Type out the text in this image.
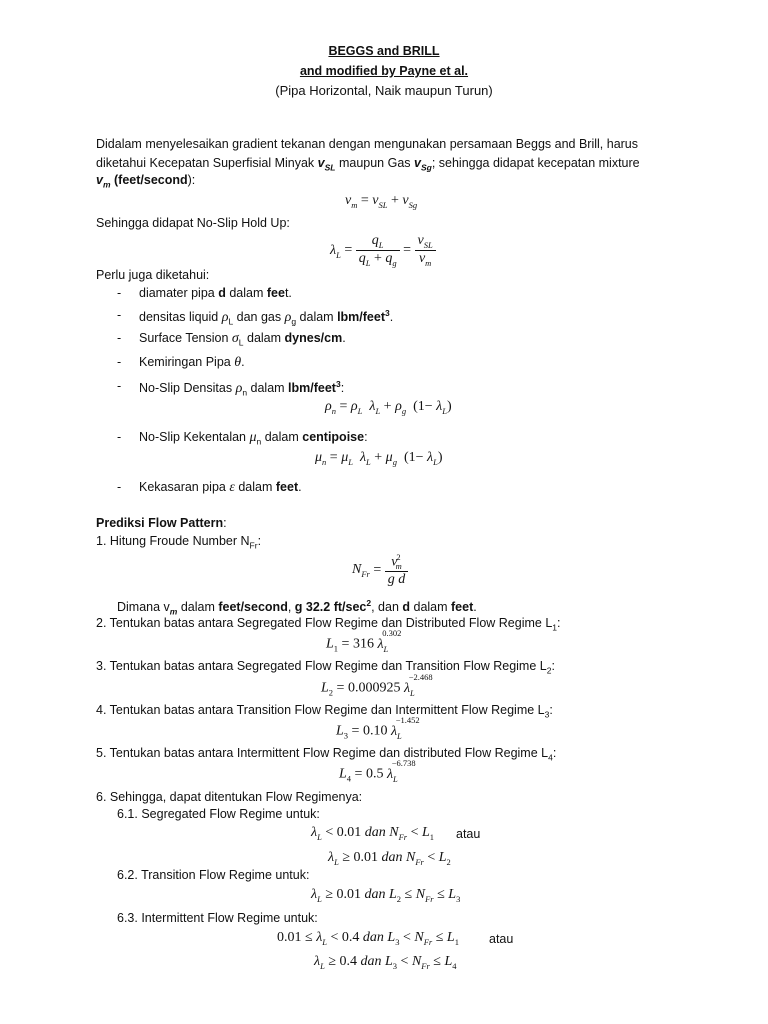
BEGGS and BRILL
and modified by Payne et al.
(Pipa Horizontal, Naik maupun Turun)
Didalam menyelesaikan gradient tekanan dengan mengunakan persamaan Beggs and Brill, harus
diketahui Kecepatan Superfisial Minyak $v_{SL}$ maupun Gas $v_{Sg}$; sehingga didapat kecepatan mixture
$v_m$ (feet/second):
$v_m = v_{SL} + v_{Sg}$
Sehingga didapat No-Slip Hold Up:
$\lambda_L = \frac{q_L}{q_L + q_g} = \frac{v_{SL}}{v_m}$
Perlu juga diketahui:
- diamater pipa d dalam feet.
- densitas liquid $\rho_L$ dan gas $\rho_g$ dalam lbm/feet$^3$.
- Surface Tension $\sigma_L$ dalam dynes/cm.
- Kemiringan Pipa θ.
- No-Slip Densitas $\rho_n$ dalam lbm/feet$^3$:
$\rho_n = \rho_L$ $\lambda_L + \rho_g$  $(1- \lambda_L)$
- No-Slip Kekentalan $\mu_n$ dalam centipoise:
$\mu_n = \mu_L$ $\lambda_L + \mu_g$  $(1- \lambda_L)$
- Kekasaran pipa ε dalam feet.
Prediksi Flow Pattern:
1. Hitung Froude Number $N_{Fr}$:
$N_{Fr} = \frac{v^2_m}{\text{g d}}$
Dimana $v_m$ dalam feet/second, g 32.2 $ft/\sec^2$, dan d dalam feet.
2. Tentukan batas antara Segregated Flow Regime dan Distributed Flow Regime $L_1$:
$L_1 = 316$ $\lambda_L^{0.302}$
3. Tentukan batas antara Segregated Flow Regime dan Transition Flow Regime $L_2$:
$L_2 = 0.000925$ $\lambda_L^{-2.468}$
4. Tentukan batas antara Transition Flow Regime dan Intermittent Flow Regime $L_3$:
$L_3 = 0.10$ $\lambda_L^{-1.452}$
5. Tentukan batas antara Intermittent Flow Regime dan distributed Flow Regime $L_4$:
$L_4 = 0.5$ $\lambda_L^{-6.738}$
6. Sehingga, dapat ditentukan Flow Regimenya:
6.1. Segregated Flow Regime untuk:
$\lambda_L < 0.01$ dan $N_{Fr} < L_1$ atau
$\lambda_L \ge 0.01$ dan $N_{Fr} < L_2$
6.2. Transition Flow Regime untuk:
$\lambda_L \ge 0.01$ dan $L_2 \le N_{Fr} \le L_3$
6.3. Intermittent Flow Regime untuk:
$0.01 \le \lambda_L < 0.4$ dan $L_3 < N_{Fr} \le L_1$ atau
$\lambda_L \ge 0.4$ dan $L_3 < N_{Fr} \le L_4$
